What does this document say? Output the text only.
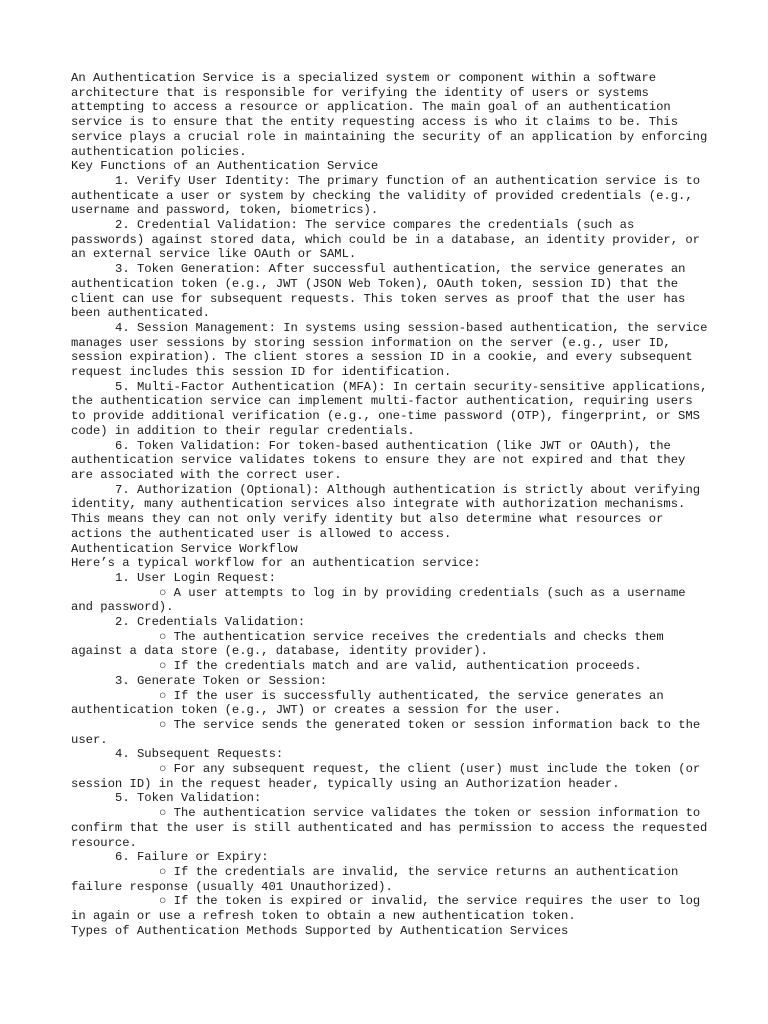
An Authentication Service is a specialized system or component within a software architecture that is responsible for verifying the identity of users or systems attempting to access a resource or application. The main goal of an authentication service is to ensure that the entity requesting access is who it claims to be. This service plays a crucial role in maintaining the security of an application by enforcing authentication policies.

Key Functions of an Authentication Service

1. Verify User Identity: The primary function of an authentication service is to authenticate a user or system by checking the validity of provided credentials (e.g., username and password, token, biometrics).

2. Credential Validation: The service compares the credentials (such as passwords) against stored data, which could be in a database, an identity provider, or an external service like OAuth or SAML.

3. Token Generation: After successful authentication, the service generates an authentication token (e.g., JWT (JSON Web Token), OAuth token, session ID) that the client can use for subsequent requests. This token serves as proof that the user has been authenticated.

4. Session Management: In systems using session-based authentication, the service manages user sessions by storing session information on the server (e.g., user ID, session expiration). The client stores a session ID in a cookie, and every subsequent request includes this session ID for identification.

5. Multi-Factor Authentication (MFA): In certain security-sensitive applications, the authentication service can implement multi-factor authentication, requiring users to provide additional verification (e.g., one-time password (OTP), fingerprint, or SMS code) in addition to their regular credentials.

6. Token Validation: For token-based authentication (like JWT or OAuth), the authentication service validates tokens to ensure they are not expired and that they are associated with the correct user.

7. Authorization (Optional): Although authentication is strictly about verifying identity, many authentication services also integrate with authorization mechanisms. This means they can not only verify identity but also determine what resources or actions the authenticated user is allowed to access.

Authentication Service Workflow

Here’s a typical workflow for an authentication service:

1. User Login Request:

○ A user attempts to log in by providing credentials (such as a username and password).

2. Credentials Validation:

○ The authentication service receives the credentials and checks them against a data store (e.g., database, identity provider).

○ If the credentials match and are valid, authentication proceeds.

3. Generate Token or Session:

○ If the user is successfully authenticated, the service generates an authentication token (e.g., JWT) or creates a session for the user.

○ The service sends the generated token or session information back to the user.

4. Subsequent Requests:

○ For any subsequent request, the client (user) must include the token (or session ID) in the request header, typically using an Authorization header.

5. Token Validation:

○ The authentication service validates the token or session information to confirm that the user is still authenticated and has permission to access the requested resource.

6. Failure or Expiry:

○ If the credentials are invalid, the service returns an authentication failure response (usually 401 Unauthorized).

○ If the token is expired or invalid, the service requires the user to log in again or use a refresh token to obtain a new authentication token.

Types of Authentication Methods Supported by Authentication Services
